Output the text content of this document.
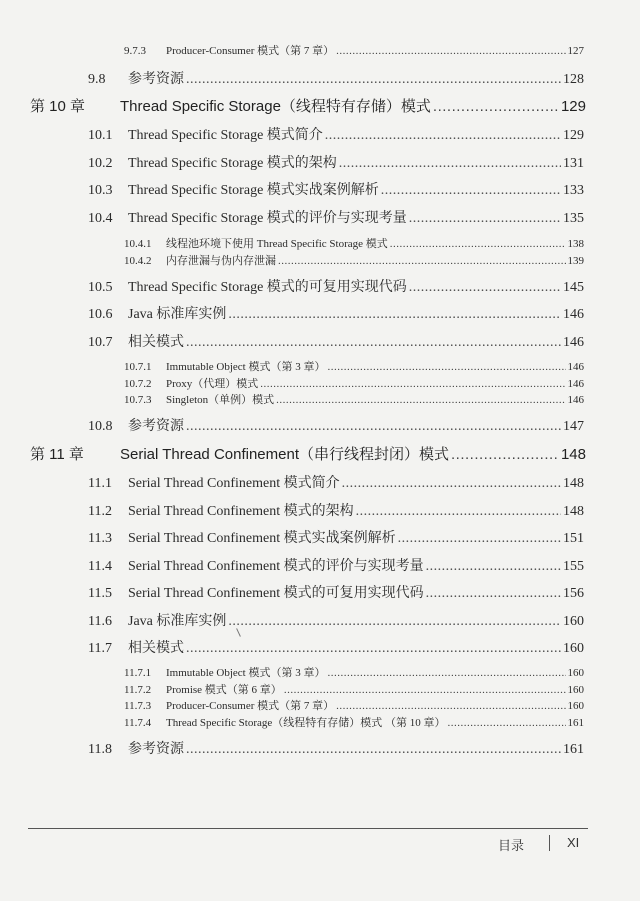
9.7.3	Producer-Consumer 模式（第 7 章） .....	127
9.8	参考资源 .....	128
第 10 章	Thread Specific Storage（线程特有存储）模式 .....	129
10.1	Thread Specific Storage 模式简介 .....	129
10.2	Thread Specific Storage 模式的架构 .....	131
10.3	Thread Specific Storage 模式实战案例解析 .....	133
10.4	Thread Specific Storage 模式的评价与实现考量 .....	135
10.4.1	线程池环境下使用 Thread Specific Storage 模式 .....	138
10.4.2	内存泄漏与伪内存泄漏 .....	139
10.5	Thread Specific Storage 模式的可复用实现代码 .....	145
10.6	Java 标准库实例 .....	146
10.7	相关模式 .....	146
10.7.1	Immutable Object 模式（第 3 章） .....	146
10.7.2	Proxy（代理）模式 .....	146
10.7.3	Singleton（单例）模式 .....	146
10.8	参考资源 .....	147
第 11 章	Serial Thread Confinement（串行线程封闭）模式 .....	148
11.1	Serial Thread Confinement 模式简介 .....	148
11.2	Serial Thread Confinement 模式的架构 .....	148
11.3	Serial Thread Confinement 模式实战案例解析 .....	151
11.4	Serial Thread Confinement 模式的评价与实现考量 .....	155
11.5	Serial Thread Confinement 模式的可复用实现代码 .....	156
11.6	Java 标准库实例 .....	160
11.7	相关模式 .....	160
11.7.1	Immutable Object 模式（第 3 章） .....	160
11.7.2	Promise 模式（第 6 章） .....	160
11.7.3	Producer-Consumer 模式（第 7 章） .....	160
11.7.4	Thread Specific Storage（线程特有存储）模式 （第 10 章） .....	161
11.8	参考资源 .....	161
目录	XI
